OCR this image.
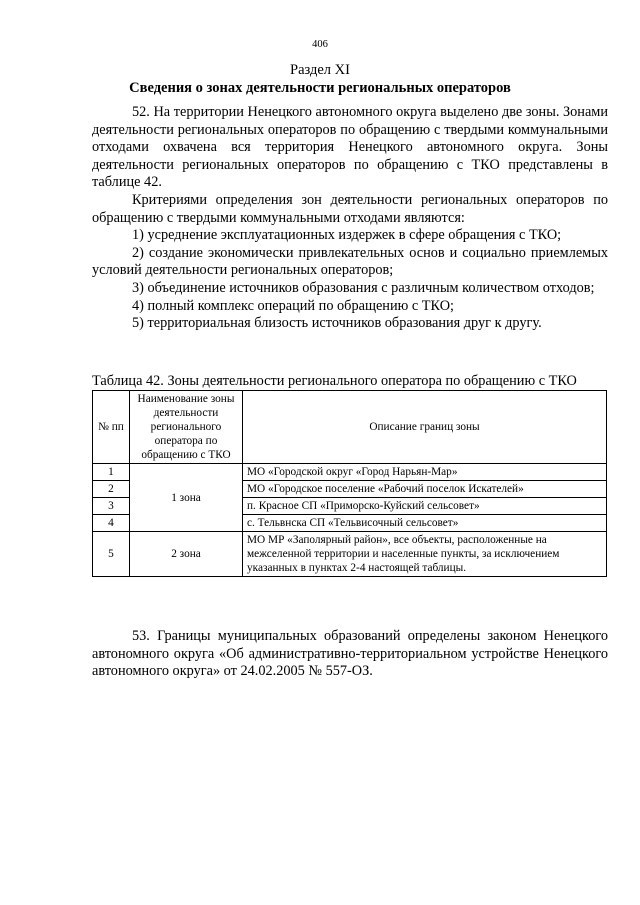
406
Раздел XI
Сведения о зонах деятельности региональных операторов

52. На территории Ненецкого автономного округа выделено две зоны. Зонами деятельности региональных операторов по обращению с твердыми коммунальными отходами охвачена вся территория Ненецкого автономного округа. Зоны деятельности региональных операторов по обращению с ТКО представлены в таблице 42.

Критериями определения зон деятельности региональных операторов по обращению с твердыми коммунальными отходами являются:

1) усреднение эксплуатационных издержек в сфере обращения с ТКО;

2) создание экономически привлекательных основ и социально приемлемых условий деятельности региональных операторов;

3) объединение источников образования с различным количеством отходов;

4) полный комплекс операций по обращению с ТКО;

5) территориальная близость источников образования друг к другу.

Таблица 42. Зоны деятельности регионального оператора по обращению с ТКО
№ пп	Наименование зоны деятельности регионального оператора по обращению с ТКО	Описание границ зоны
1	1 зона	МО «Городской округ «Город Нарьян-Мар»
2		МО «Городское поселение «Рабочий поселок Искателей»
3		п. Красное СП «Приморско-Куйский сельсовет»
4		с. Тельвнска СП «Тельвисочный сельсовет»
5	2 зона	МО МР «Заполярный район», все объекты, расположенные на межселенной территории и населенные пункты, за исключением указанных в пунктах 2-4 настоящей таблицы.

53. Границы муниципальных образований определены законом Ненецкого автономного округа «Об административно-территориальном устройстве Ненецкого автономного округа» от 24.02.2005 № 557-ОЗ.
